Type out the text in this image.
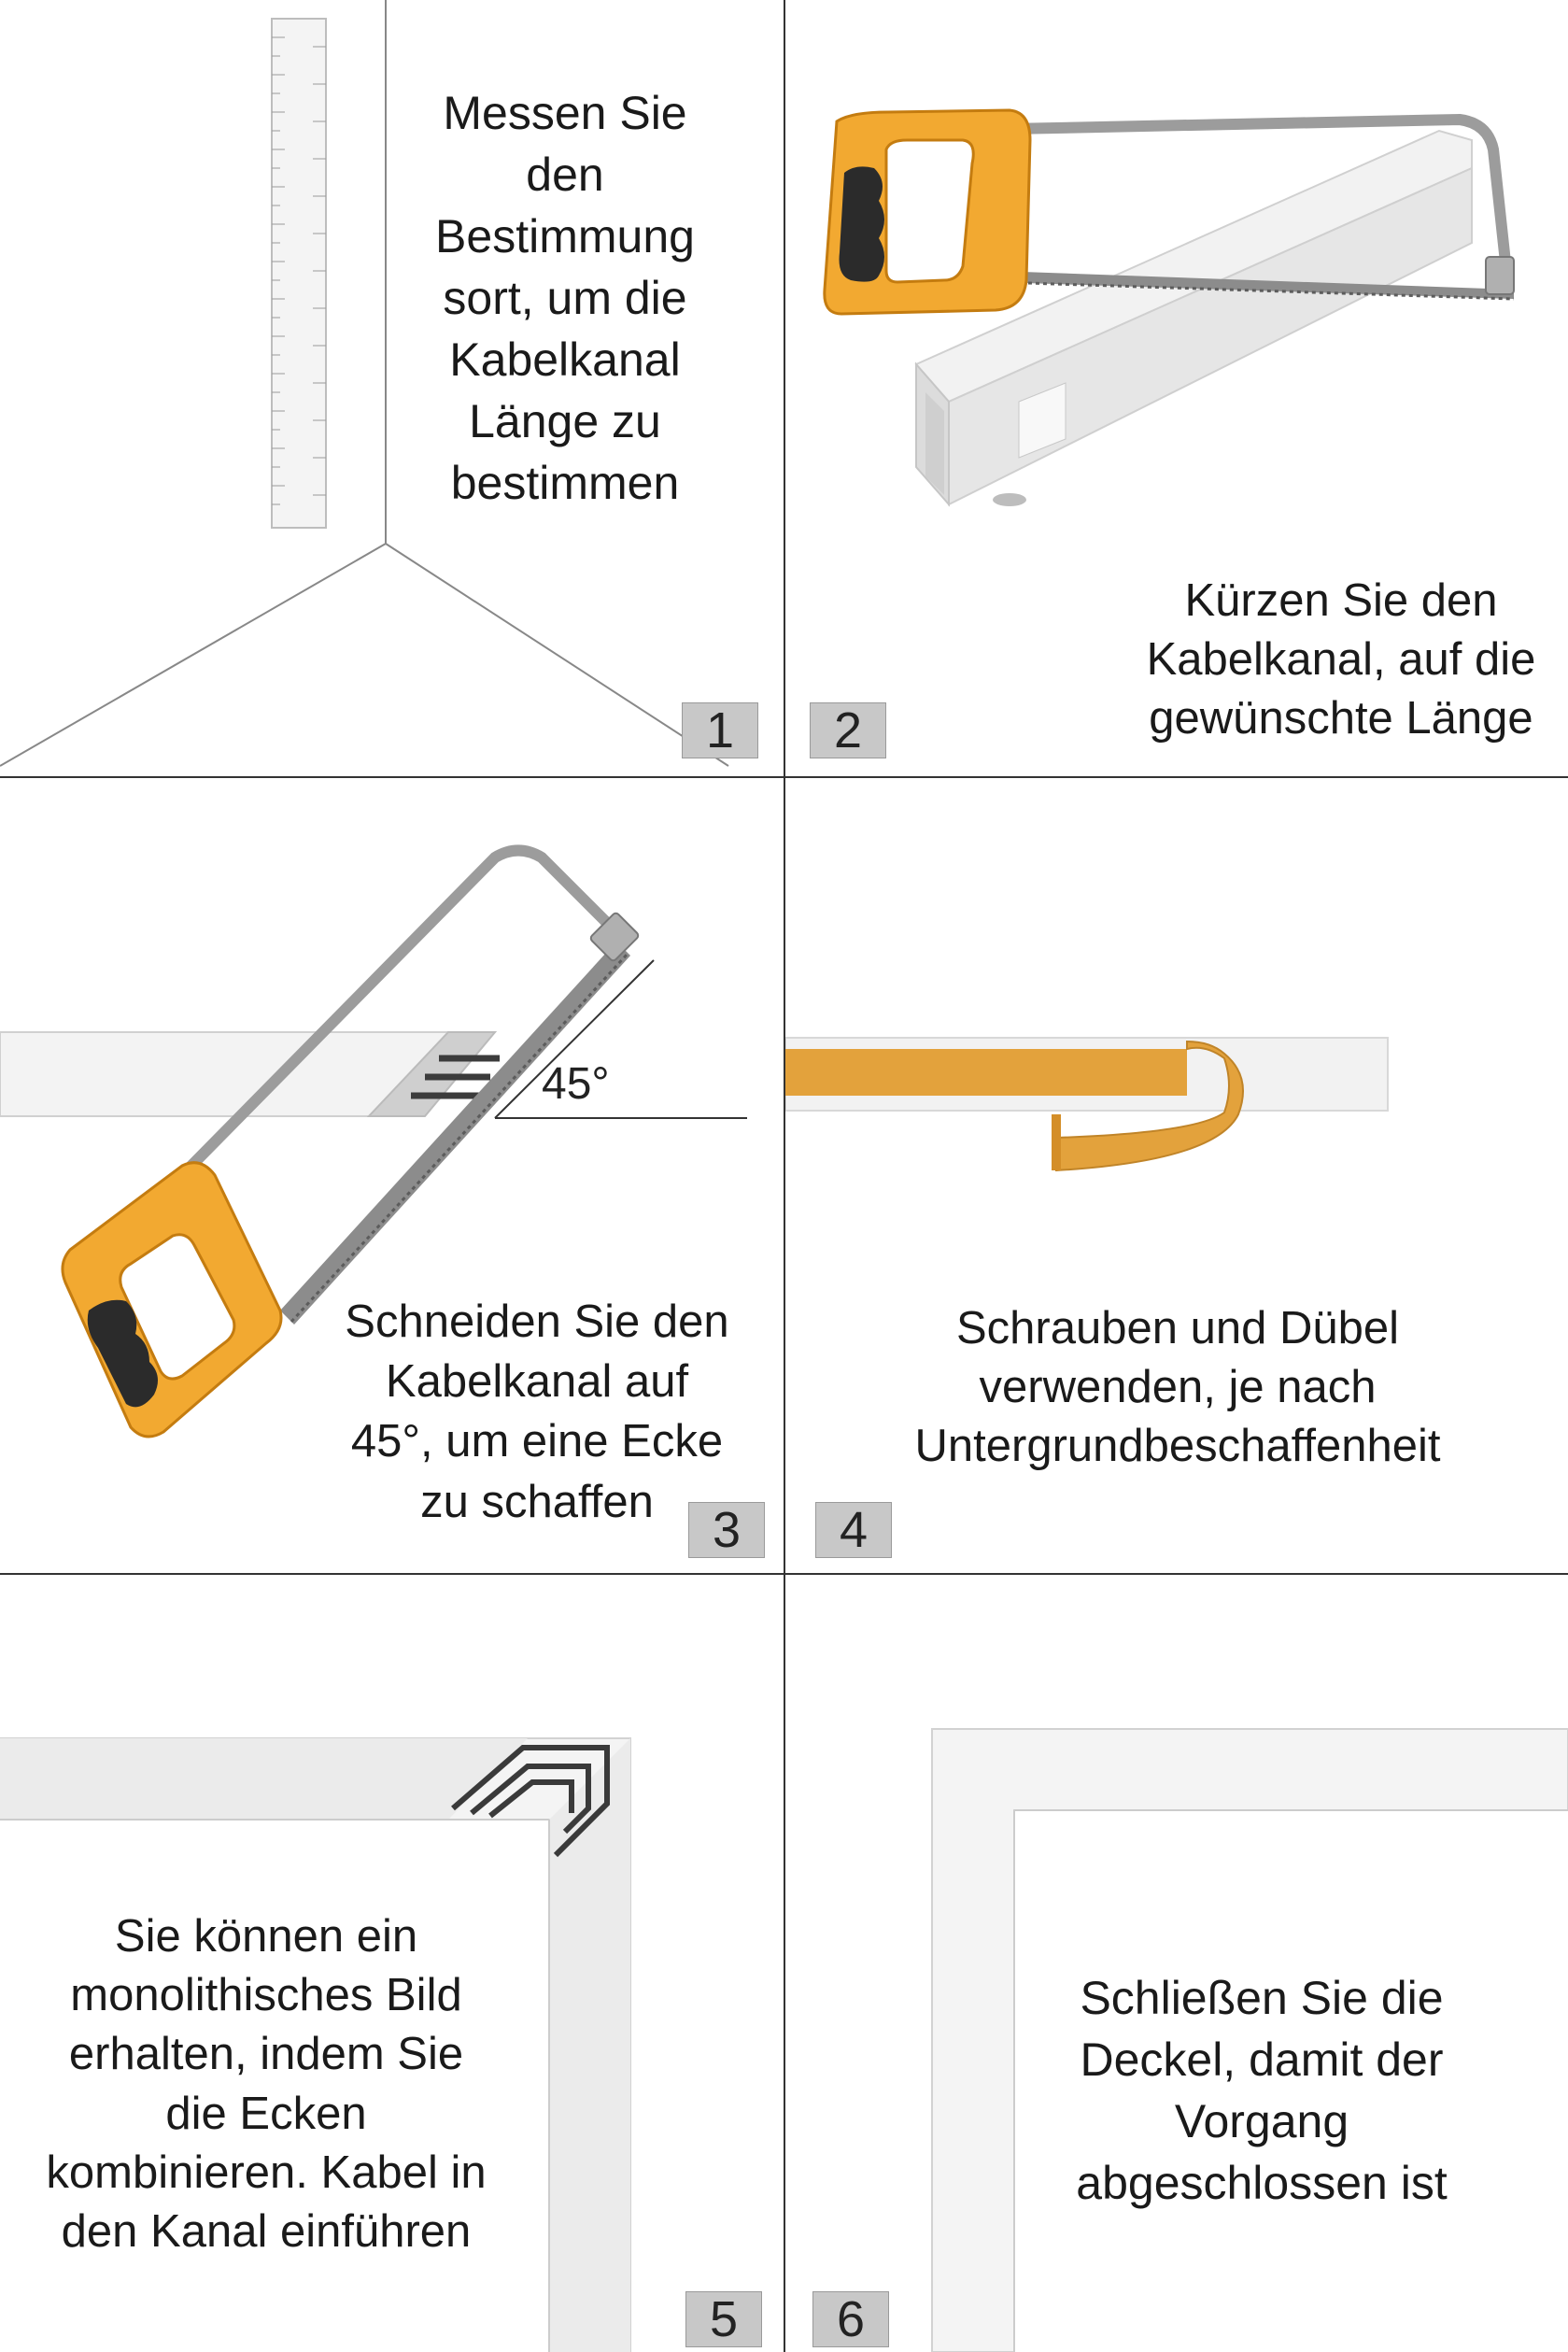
Messen Sie
den
Bestimmung
sort, um die
Kabelkanal
Länge zu
bestimmen
1
Kürzen Sie den
Kabelkanal, auf die
gewünschte Länge
2
45°
Schneiden Sie den
Kabelkanal auf
45°, um eine Ecke
zu schaffen
3
Schrauben und Dübel
verwenden, je nach
Untergrundbeschaffenheit
4
Sie können ein
monolithisches Bild
erhalten, indem Sie
die Ecken
kombinieren. Kabel in
den Kanal einführen
5
Schließen Sie die
Deckel, damit der
Vorgang
abgeschlossen ist
6
